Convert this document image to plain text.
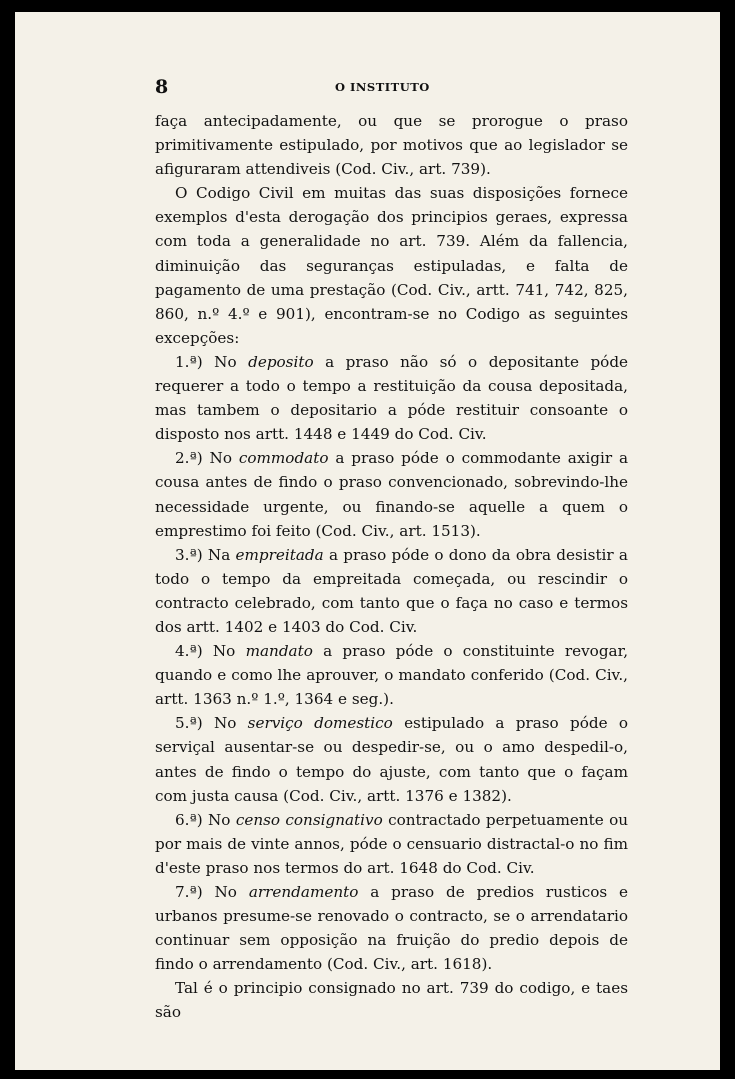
8	O INSTITUTO

faça antecipadamente, ou que se prorogue o praso primitivamente estipulado, por motivos que ao legislador se afiguraram attendiveis (Cod. Civ., art. 739).

O Codigo Civil em muitas das suas disposições fornece exemplos d'esta derogação dos principios geraes, expressa com toda a generalidade no art. 739. Além da fallencia, diminuição das seguranças estipuladas, e falta de pagamento de uma prestação (Cod. Civ., artt. 741, 742, 825, 860, n.º 4.º e 901), encontram-se no Codigo as seguintes excepções:

1.ª) No deposito a praso não só o depositante póde requerer a todo o tempo a restituição da cousa depositada, mas tambem o depositario a póde restituir consoante o disposto nos artt. 1448 e 1449 do Cod. Civ.

2.ª) No commodato a praso póde o commodante axigir a cousa antes de findo o praso convencionado, sobrevindo-lhe necessidade urgente, ou finando-se aquelle a quem o emprestimo foi feito (Cod. Civ., art. 1513).

3.ª) Na empreitada a praso póde o dono da obra desistir a todo o tempo da empreitada começada, ou rescindir o contracto celebrado, com tanto que o faça no caso e termos dos artt. 1402 e 1403 do Cod. Civ.

4.ª) No mandato a praso póde o constituinte revogar, quando e como lhe aprouver, o mandato conferido (Cod. Civ., artt. 1363 n.º 1.º, 1364 e seg.).

5.ª) No serviço domestico estipulado a praso póde o serviçal ausentar-se ou despedir-se, ou o amo despedil-o, antes de findo o tempo do ajuste, com tanto que o façam com justa causa (Cod. Civ., artt. 1376 e 1382).

6.ª) No censo consignativo contractado perpetuamente ou por mais de vinte annos, póde o censuario distractal-o no fim d'este praso nos termos do art. 1648 do Cod. Civ.

7.ª) No arrendamento a praso de predios rusticos e urbanos presume-se renovado o contracto, se o arrendatario continuar sem opposição na fruição do predio depois de findo o arrendamento (Cod. Civ., art. 1618).

Tal é o principio consignado no art. 739 do codigo, e taes são
